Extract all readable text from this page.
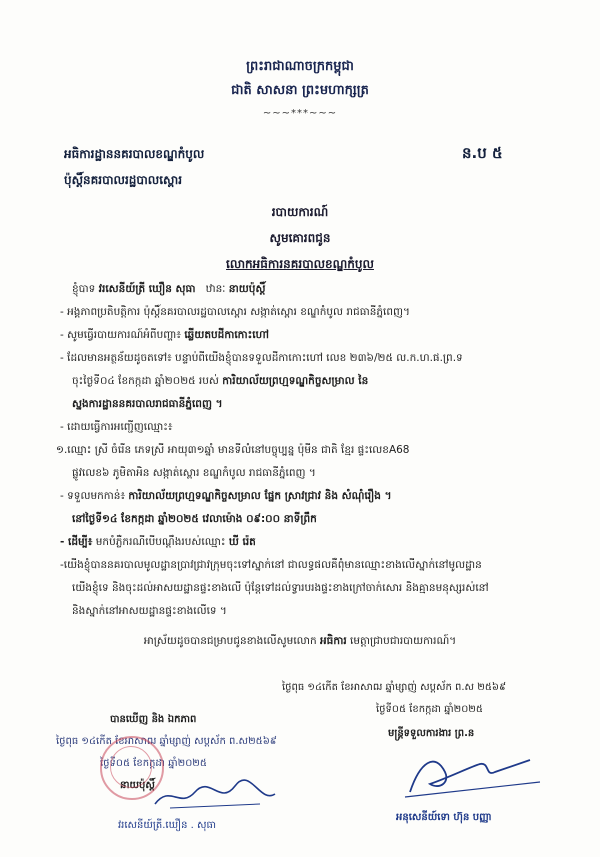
ព្រះរាជាណាចក្រកម្ពុជា
ជាតិ សាសនា ព្រះមហាក្សត្រ
~~~***~~~
អធិការដ្ឋាននគរបាលខណ្ឌកំបូល
ប៉ុស្តិ៍នគរបាលរដ្ឋបាលស្ពោរ
ន.ប ៥
របាយការណ៍
សូមគោរពជូន
លោកអធិការនគរបាលខណ្ឌកំបូល
ខ្ញុំបាទ វរសេនីយ៍ត្រី ឃឿន សុធា ឋានៈ នាយប៉ុស្តិ៍
- អង្គភាពប្រតិបត្តិការ ប៉ុស្តិ៍នគរបាលរដ្ឋបាលស្ពោរ សង្កាត់ស្ពោរ ខណ្ឌកំបូល រាជធានីភ្នំពេញ។
- សូមធ្វើរបាយការណ៍អំពីបញ្ហា៖ ឆ្លើយតបដីកាកោះហៅ
- ដែលមានអត្ថន័យដូចតទៅ៖ បន្ទាប់ពីយើងខ្ញុំបានទទួលដីកាកោះហៅ លេខ ២៣៦/២៥ ល.ក.ហ.ផ.ព្រ.ទ
ចុះថ្ងៃទី០៤ ខែកក្កដា ឆ្នាំ២០២៥ របស់ ការិយាល័យព្រហ្មទណ្ឌកិច្ចសម្រាល នៃ
ស្នងការដ្ឋាននគរបាលរាជធានីភ្នំពេញ ។
- ដោយធ្វើការអញ្ជើញឈ្មោះ៖
១.ឈ្មោះ ស្រី ចំរើន ភេទស្រី អាយុ៣១ឆ្នាំ មានទីលំនៅបច្ចុប្បន្ន ប៉ុមីន ជាតិ ខ្មែរ ផ្ទះលេខA68
ផ្លូវលេខ៦ ភូមិតាអិន សង្កាត់ស្ពោរ ខណ្ឌកំបូល រាជធានីភ្នំពេញ ។
- ទទួលមកកាន់៖ ការិយាល័យព្រហ្មទណ្ឌកិច្ចសម្រាល ផ្នែក ស្រាវជ្រាវ និង សំណុំរឿង ។
នៅថ្ងៃទី១៤ ខែកក្កដា ឆ្នាំ២០២៥ វេលាម៉ោង ០៩:០០ នាទីព្រឹក
- ដើម្បី៖ មកបំភ្លឺករណីបើបណ្តឹងរបស់ឈ្មោះ ឃី រ៉េត
-យើងខ្ញុំបាននគរបាលមូលដ្ឋានប្រាវជ្រាវក្រុមចុះទៅស្នាក់នៅ ជាលទ្ធផលគឺពុំមានឈ្មោះខាងលើស្នាក់នៅមូលដ្ឋាន
យើងខ្ញុំទេ និងចុះដល់អាសយដ្ឋានផ្ទះខាងលើ ប៉ុន្តែទៅដល់ទ្វារបរងផ្ទះខាងក្រៅចាក់សោរ និងគ្មានមនុស្សរស់នៅ
និងស្នាក់នៅអាសយដ្ឋានផ្ទះខាងលើទេ ។
អាស្រ័យដូចបានជម្រាបជូនខាងលើសូមលោក អធិការ មេត្តាជ្រាបជារបាយការណ៍។
ថ្ងៃពុធ ១៤កើត ខែអាសាឍ ឆ្នាំម្សាញ់ សប្តស័ក ព.ស ២៥៦៩
ថ្ងៃទី០៥ ខែកក្កដា ឆ្នាំ២០២៥
មន្ត្រីទទួលការងារ ព្រ.ន
បានឃើញ និង ឯកភាព
ថ្ងៃពុធ ១៤កើត ខែអាសាឍ ឆ្នាំម្សាញ់ សប្តស័ក ព.ស២៥៦៩
ថ្ងៃទី០៥ ខែកក្កដា ឆ្នាំ២០២៥
នាយប៉ុស្តិ៍
វរសេនីយ៍ត្រី.ឃឿន . សុធា
អនុសេនីយ៍ទោ ហ៊ុន បញ្ញា
